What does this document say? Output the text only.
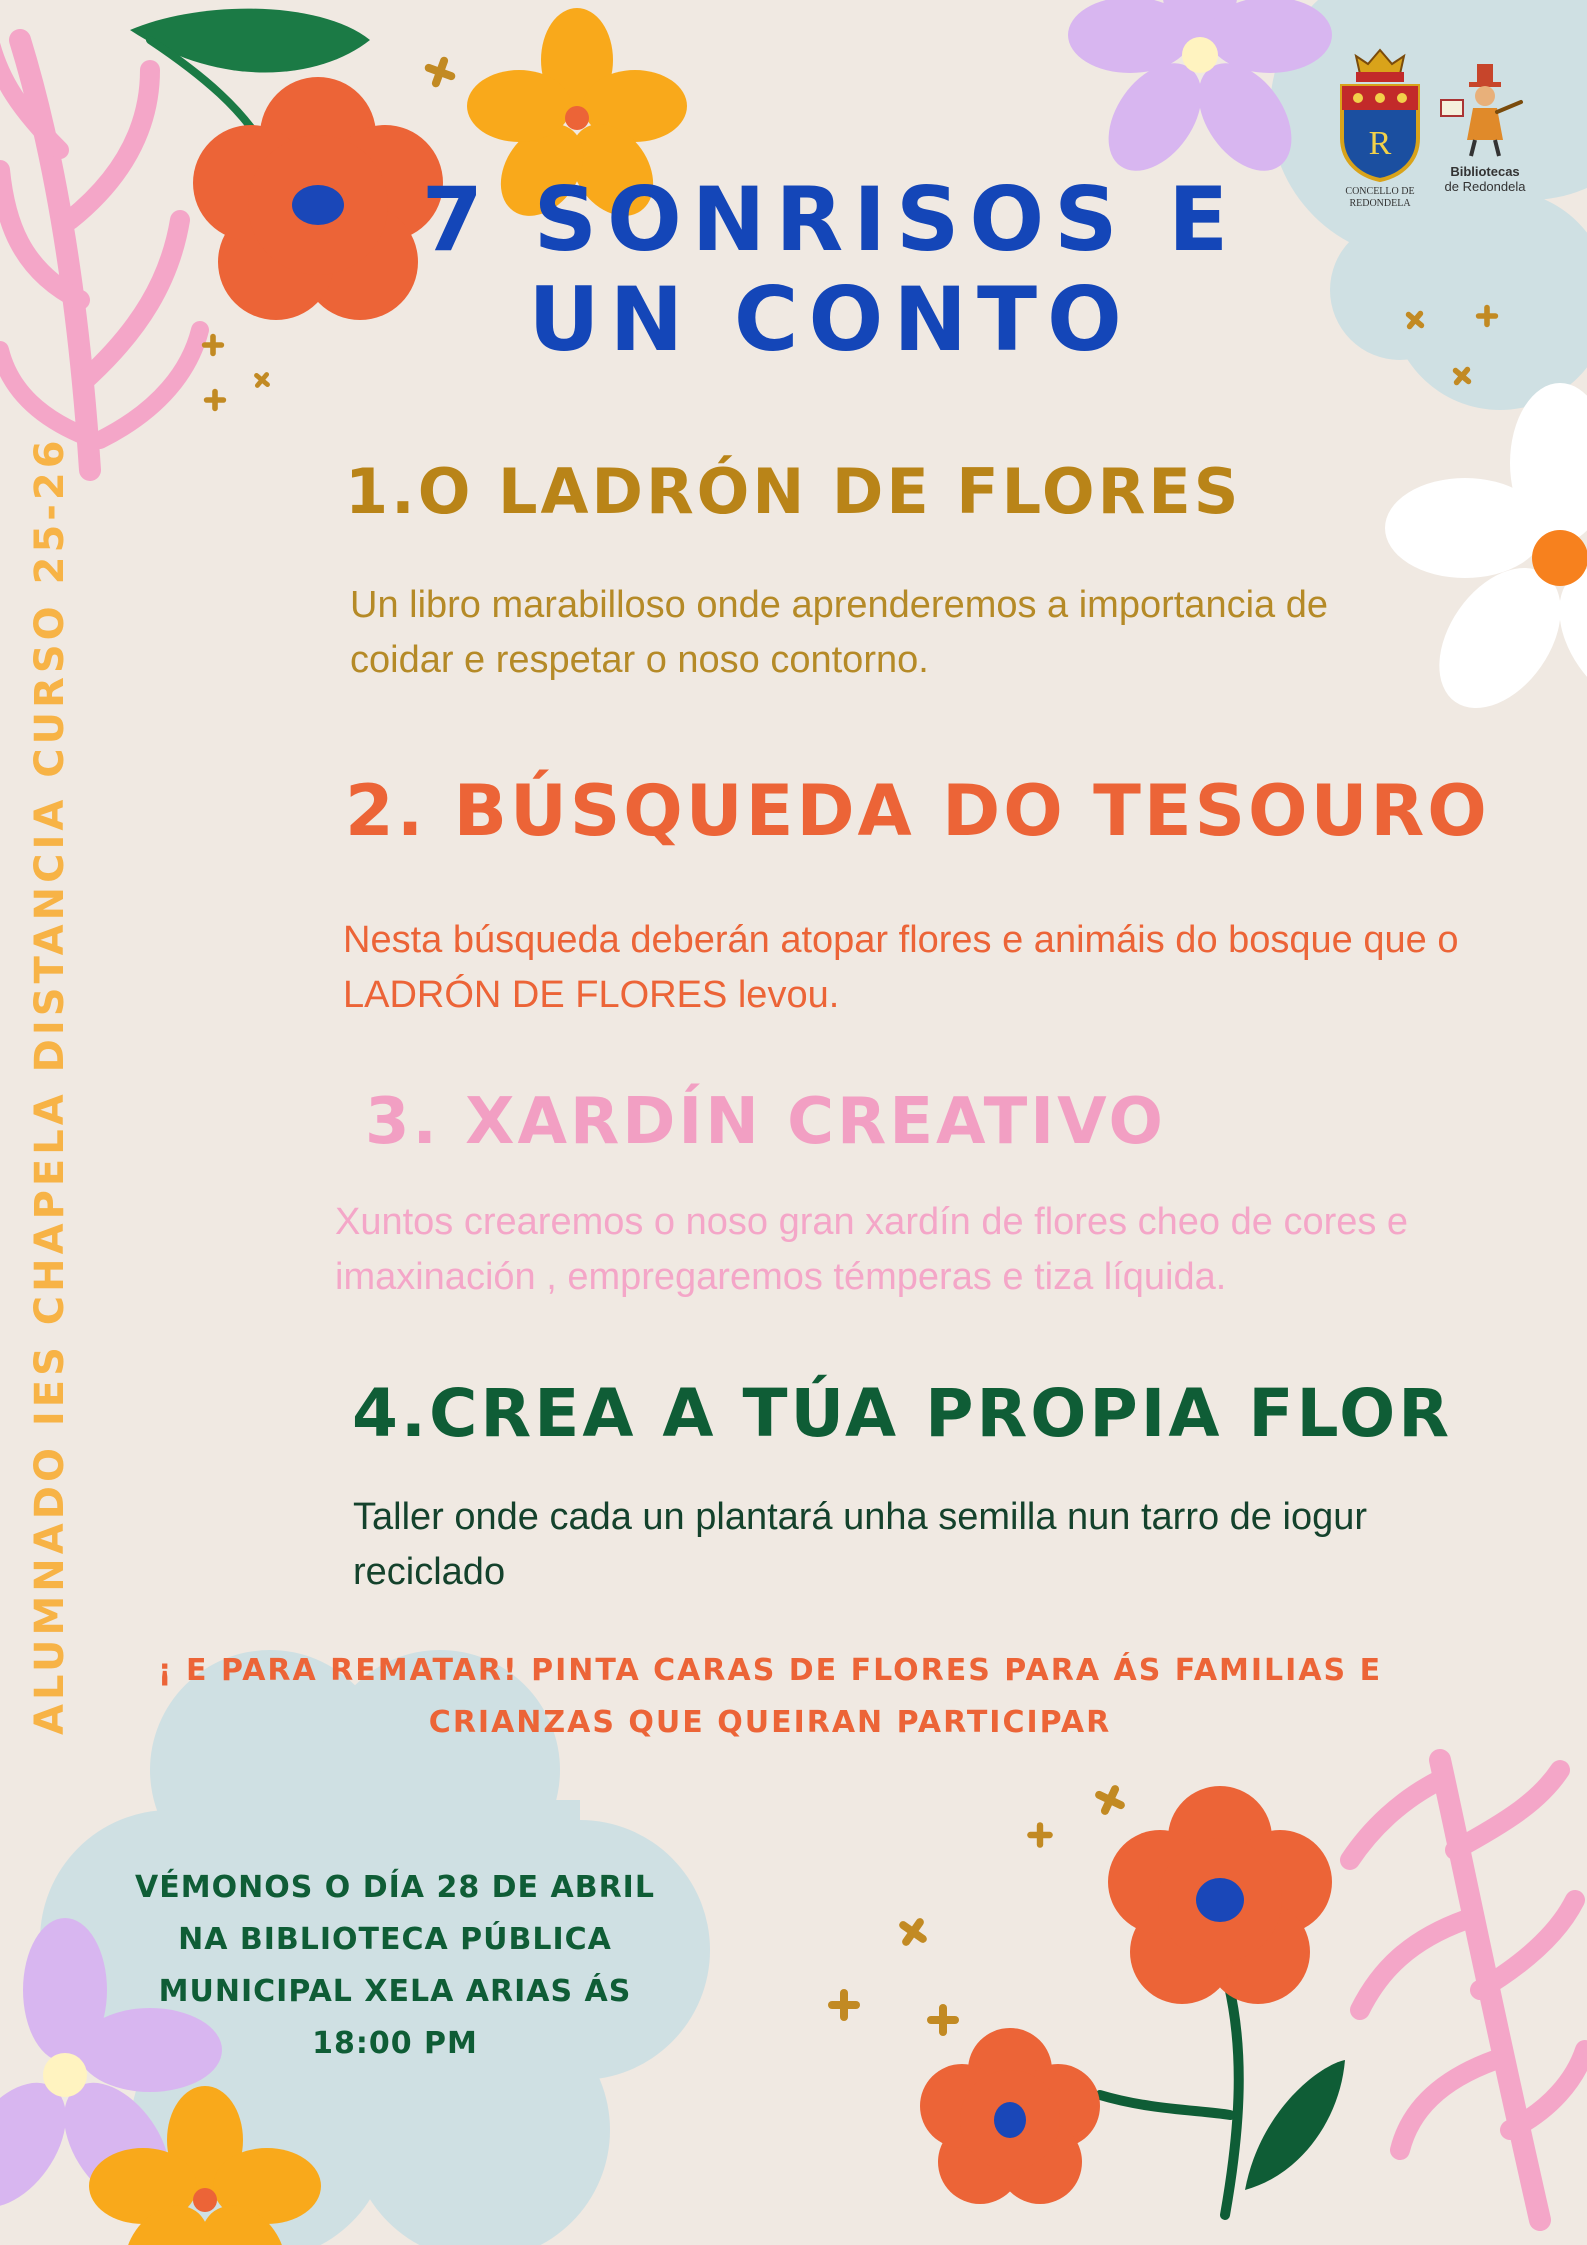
R
CONCELLO DE
REDONDELA
Bibliotecas
de Redondela
7 SONRISOS E UN CONTO
1.O LADRÓN DE FLORES
Un libro marabilloso onde aprenderemos a importancia de coidar e respetar o noso contorno.
2. BÚSQUEDA DO TESOURO
Nesta búsqueda deberán atopar flores e animáis do bosque que o LADRÓN DE FLORES levou.
3. XARDÍN CREATIVO
Xuntos crearemos o noso gran xardín de flores cheo de cores e imaxinación , empregaremos témperas e tiza líquida.
4.CREA A TÚA PROPIA FLOR
Taller onde cada un plantará unha semilla nun tarro de iogur reciclado
¡ E PARA REMATAR! PINTA CARAS DE FLORES PARA ÁS FAMILIAS E CRIANZAS QUE QUEIRAN PARTICIPAR
VÉMONOS O DÍA 28 DE ABRIL NA BIBLIOTECA PÚBLICA MUNICIPAL XELA ARIAS ÁS 18:00 PM
ALUMNADO IES CHAPELA DISTANCIA CURSO 25-26
